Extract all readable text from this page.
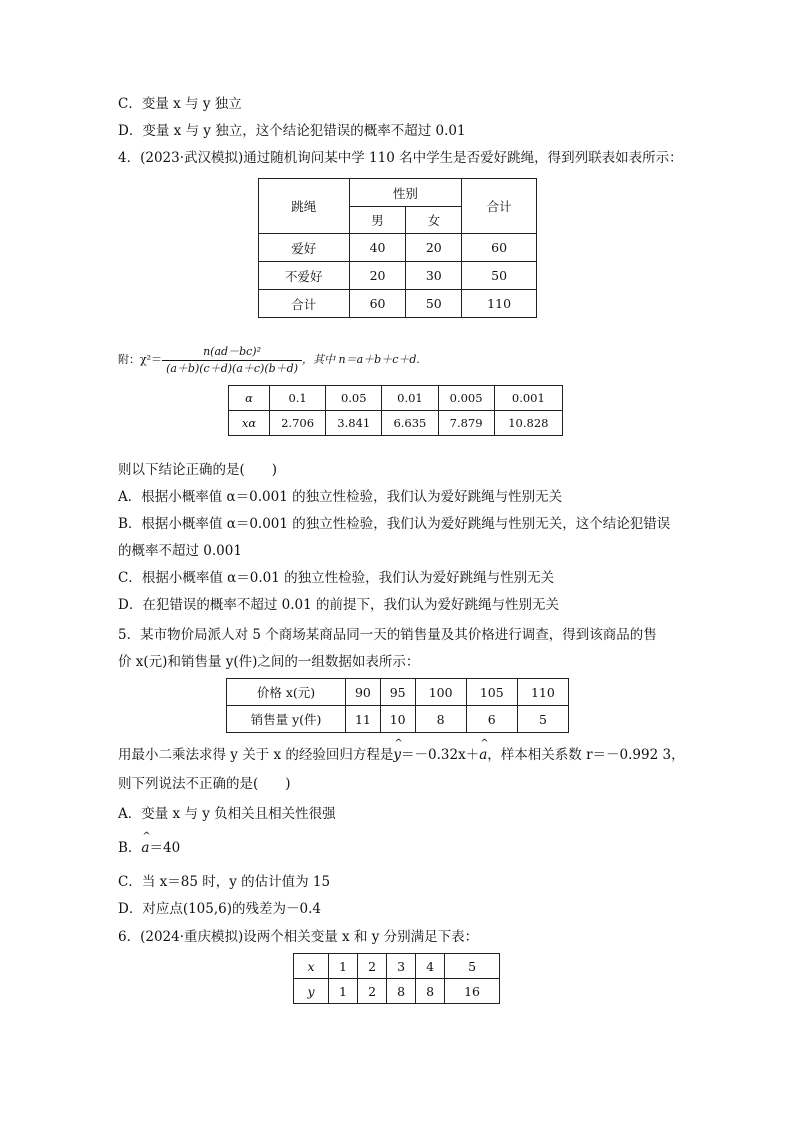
C．变量 x 与 y 独立
D．变量 x 与 y 独立，这个结论犯错误的概率不超过 0.01
4．(2023·武汉模拟)通过随机询问某中学 110 名中学生是否爱好跳绳，得到列联表如表所示：
跳绳	性别		合计
	男	女	
爱好	40	20	60
不爱好	20	30	50
合计	60	50	110
附：$\chi^2= \frac{\text{n(ad－bc)²}}{(a+b)(c+d)(a+c)(b+d)}$ ，其中 n＝a＋b＋c＋d.
α	0.1	0.05	0.01	0.005	0.001
xα	2.706	3.841	6.635	7.879	10.828
则以下结论正确的是(　　)
A．根据小概率值 α＝0.001 的独立性检验，我们认为爱好跳绳与性别无关
B．根据小概率值 α＝0.001 的独立性检验，我们认为爱好跳绳与性别无关，这个结论犯错误
的概率不超过 0.001
C．根据小概率值 α＝0.01 的独立性检验，我们认为爱好跳绳与性别无关
D．在犯错误的概率不超过 0.01 的前提下，我们认为爱好跳绳与性别无关
5．某市物价局派人对 5 个商场某商品同一天的销售量及其价格进行调查，得到该商品的售
价 x(元)和销售量 y(件)之间的一组数据如表所示：
价格 x(元)	90	95	100	105	110
销售量 y(件)	11	10	8	6	5
用最小二乘法求得 y 关于 x 的经验回归方程是^ y＝－0.32x＋^ a，样本相关系数 r＝－0.992 3，
则下列说法不正确的是(　　)
A．变量 x 与 y 负相关且相关性很强
B．^ a＝40
C．当 x＝85 时，y 的估计值为 15
D．对应点(105,6)的残差为－0.4
6．(2024·重庆模拟)设两个相关变量 x 和 y 分别满足下表：
x	1	2	3	4	5
y	1	2	8	8	16
